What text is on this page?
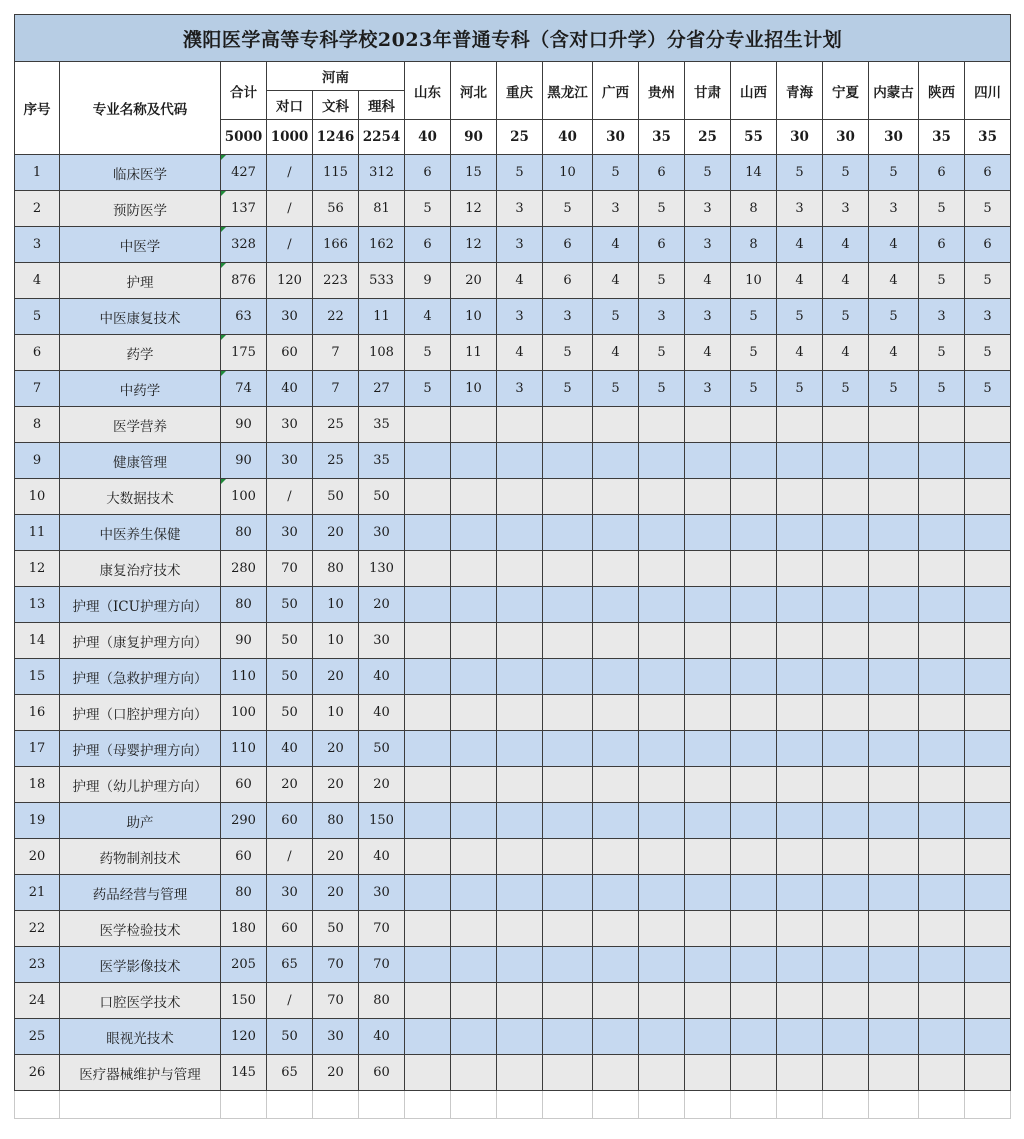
濮阳医学高等专科学校2023年普通专科（含对口升学）分省分专业招生计划																		
序号	专业名称及代码	合计	河南			山东	河北	重庆	黑龙江	广西	贵州	甘肃	山西	青海	宁夏	内蒙古	陕西	四川
			对口	文科	理科													
		5000	1000	1246	2254	40	90	25	40	30	35	25	55	30	30	30	35	35
1	临床医学	427	/	115	312	6	15	5	10	5	6	5	14	5	5	5	6	6
2	预防医学	137	/	56	81	5	12	3	5	3	5	3	8	3	3	3	5	5
3	中医学	328	/	166	162	6	12	3	6	4	6	3	8	4	4	4	6	6
4	护理	876	120	223	533	9	20	4	6	4	5	4	10	4	4	4	5	5
5	中医康复技术	63	30	22	11	4	10	3	3	5	3	3	5	5	5	5	3	3
6	药学	175	60	7	108	5	11	4	5	4	5	4	5	4	4	4	5	5
7	中药学	74	40	7	27	5	10	3	5	5	5	3	5	5	5	5	5	5
8	医学营养	90	30	25	35													
9	健康管理	90	30	25	35													
10	大数据技术	100	/	50	50													
11	中医养生保健	80	30	20	30													
12	康复治疗技术	280	70	80	130													
13	护理（ICU护理方向）	80	50	10	20													
14	护理（康复护理方向）	90	50	10	30													
15	护理（急救护理方向）	110	50	20	40													
16	护理（口腔护理方向）	100	50	10	40													
17	护理（母婴护理方向）	110	40	20	50													
18	护理（幼儿护理方向）	60	20	20	20													
19	助产	290	60	80	150													
20	药物制剂技术	60	/	20	40													
21	药品经营与管理	80	30	20	30													
22	医学检验技术	180	60	50	70													
23	医学影像技术	205	65	70	70													
24	口腔医学技术	150	/	70	80													
25	眼视光技术	120	50	30	40													
26	医疗器械维护与管理	145	65	20	60													
